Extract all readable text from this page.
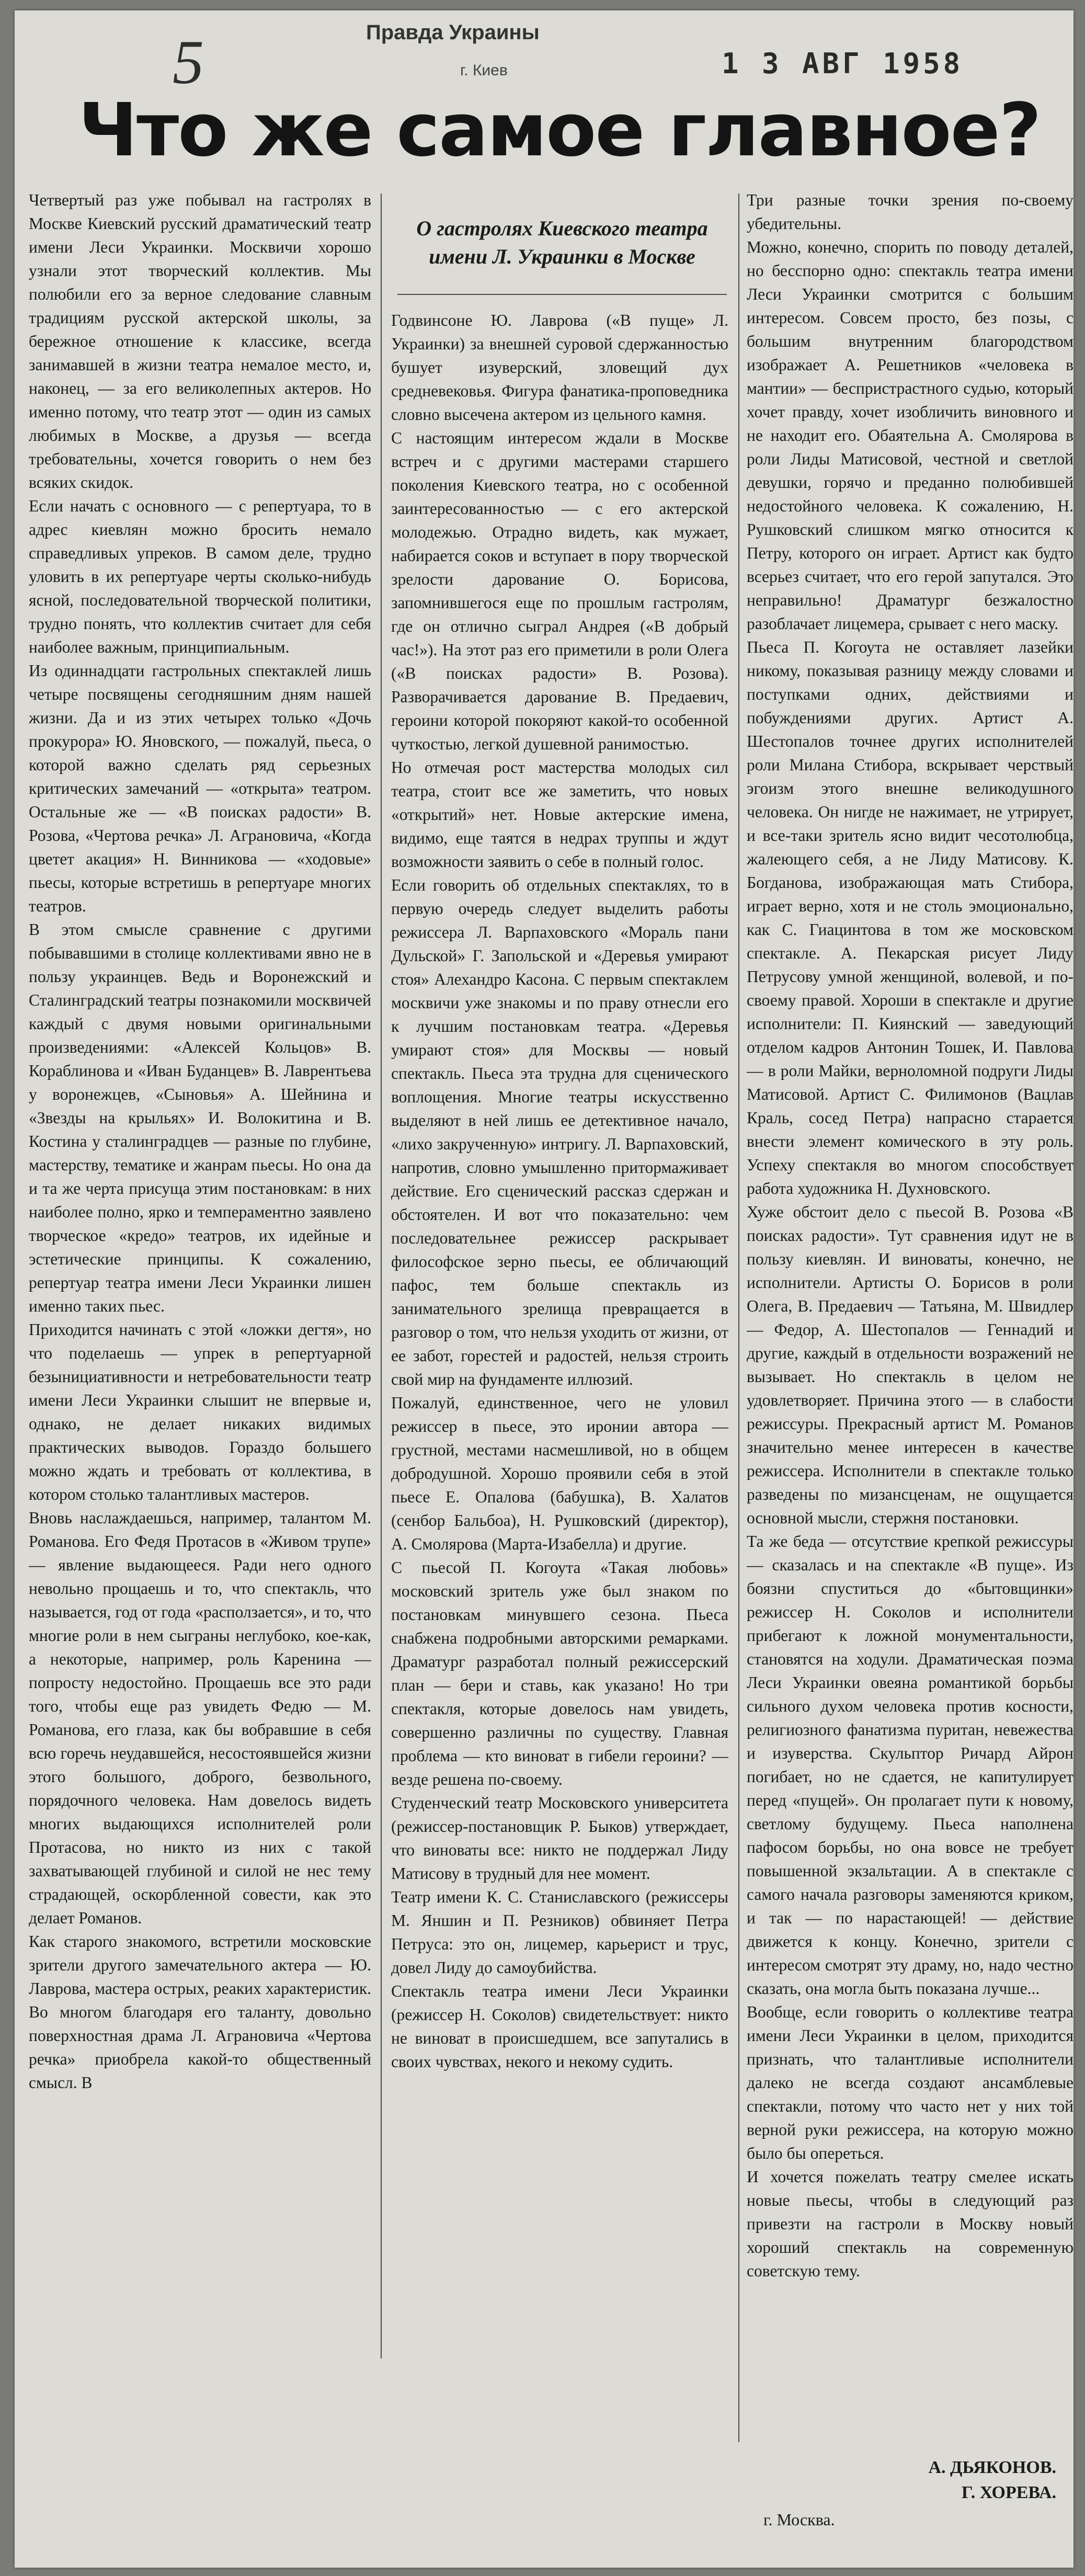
5	Правда Украины
г. Киев	1 3 АВГ 1958
Что же самое главное?
Четвертый раз уже побывал на гастролях в Москве Киевский русский драматический театр имени Леси Украинки. Москвичи хорошо узнали этот творческий коллектив. Мы полюбили его за верное следование славным традициям русской актерской школы, за бережное отношение к классике, всегда занимавшей в жизни театра немалое место, и, наконец, — за его великолепных актеров. Но именно потому, что театр этот — один из самых любимых в Москве, а друзья — всегда требовательны, хочется говорить о нем без всяких скидок.
Если начать с основного — с репертуара, то в адрес киевлян можно бросить немало справедливых упреков. В самом деле, трудно уловить в их репертуаре черты сколько-нибудь ясной, последовательной творческой политики, трудно понять, что коллектив считает для себя наиболее важным, принципиальным.
Из одиннадцати гастрольных спектаклей лишь четыре посвящены сегодняшним дням нашей жизни. Да и из этих четырех только «Дочь прокурора» Ю. Яновского, — пожалуй, пьеса, о которой важно сделать ряд серьезных критических замечаний — «открыта» театром. Остальные же — «В поисках радости» В. Розова, «Чертова речка» Л. Аграновича, «Когда цветет акация» Н. Винникова — «ходовые» пьесы, которые встретишь в репертуаре многих театров.
В этом смысле сравнение с другими побывавшими в столице коллективами явно не в пользу украинцев. Ведь и Воронежский и Сталинградский театры познакомили москвичей каждый с двумя новыми оригинальными произведениями: «Алексей Кольцов» В. Кораблинова и «Иван Буданцев» В. Лаврентьева у воронежцев, «Сыновья» А. Шейнина и «Звезды на крыльях» И. Волокитина и В. Костина у сталинградцев — разные по глубине, мастерству, тематике и жанрам пьесы. Но она да и та же черта присуща этим постановкам: в них наиболее полно, ярко и темпераментно заявлено творческое «кредо» театров, их идейные и эстетические принципы. К сожалению, репертуар театра имени Леси Украинки лишен именно таких пьес.
Приходится начинать с этой «ложки дегтя», но что поделаешь — упрек в репертуарной безынициативности и нетребовательности театр имени Леси Украинки слышит не впервые и, однако, не делает никаких видимых практических выводов. Гораздо большего можно ждать и требовать от коллектива, в котором столько талантливых мастеров.
Вновь наслаждаешься, например, талантом М. Романова. Его Федя Протасов в «Живом трупе» — явление выдающееся. Ради него одного невольно прощаешь и то, что спектакль, что называется, год от года «расползается», и то, что многие роли в нем сыграны неглубоко, кое-как, а некоторые, например, роль Каренина — попросту недостойно. Прощаешь все это ради того, чтобы еще раз увидеть Федю — М. Романова, его глаза, как бы вобравшие в себя всю горечь неудавшейся, несостоявшейся жизни этого большого, доброго, безвольного, порядочного человека. Нам довелось видеть многих выдающихся исполнителей роли Протасова, но никто из них с такой захватывающей глубиной и силой не нес тему страдающей, оскорбленной совести, как это делает Романов.
Как старого знакомого, встретили московские зрители другого замечательного актера — Ю. Лаврова, мастера острых, реаких характеристик. Во многом благодаря его таланту, довольно поверхностная драма Л. Аграновича «Чертова речка» приобрела какой-то общественный смысл. В
О гастролях Киевского театра имени Л. Украинки в Москве
Годвинсоне Ю. Лаврова («В пуще» Л. Украинки) за внешней суровой сдержанностью бушует изуверский, зловещий дух средневековья. Фигура фанатика-проповедника словно высечена актером из цельного камня.
С настоящим интересом ждали в Москве встреч и с другими мастерами старшего поколения Киевского театра, но с особенной заинтересованностью — с его актерской молодежью. Отрадно видеть, как мужает, набирается соков и вступает в пору творческой зрелости дарование О. Борисова, запомнившегося еще по прошлым гастролям, где он отлично сыграл Андрея («В добрый час!»). На этот раз его приметили в роли Олега («В поисках радости» В. Розова). Разворачивается дарование В. Предаевич, героини которой покоряют какой-то особенной чуткостью, легкой душевной ранимостью.
Но отмечая рост мастерства молодых сил театра, стоит все же заметить, что новых «открытий» нет. Новые актерские имена, видимо, еще таятся в недрах труппы и ждут возможности заявить о себе в полный голос.
Если говорить об отдельных спектаклях, то в первую очередь следует выделить работы режиссера Л. Варпаховского «Мораль пани Дульской» Г. Запольской и «Деревья умирают стоя» Алехандро Касона. С первым спектаклем москвичи уже знакомы и по праву отнесли его к лучшим постановкам театра. «Деревья умирают стоя» для Москвы — новый спектакль. Пьеса эта трудна для сценического воплощения. Многие театры искусственно выделяют в ней лишь ее детективное начало, «лихо закрученную» интригу. Л. Варпаховский, напротив, словно умышленно притормаживает действие. Его сценический рассказ сдержан и обстоятелен. И вот что показательно: чем последовательнее режиссер раскрывает философское зерно пьесы, ее обличающий пафос, тем больше спектакль из занимательного зрелища превращается в разговор о том, что нельзя уходить от жизни, от ее забот, горестей и радостей, нельзя строить свой мир на фундаменте иллюзий.
Пожалуй, единственное, чего не уловил режиссер в пьесе, это иронии автора — грустной, местами насмешливой, но в общем добродушной. Хорошо проявили себя в этой пьесе Е. Опалова (бабушка), В. Халатов (сенбор Бальбоа), Н. Рушковский (директор), А. Смолярова (Марта-Изабелла) и другие.
С пьесой П. Когоута «Такая любовь» московский зритель уже был знаком по постановкам минувшего сезона. Пьеса снабжена подробными авторскими ремарками. Драматург разработал полный режиссерский план — бери и ставь, как указано! Но три спектакля, которые довелось нам увидеть, совершенно различны по существу. Главная проблема — кто виноват в гибели героини? — везде решена по-своему.
Студенческий театр Московского университета (режиссер-постановщик Р. Быков) утверждает, что виноваты все: никто не поддержал Лиду Матисову в трудный для нее момент.
Театр имени К. С. Станиславского (режиссеры М. Яншин и П. Резников) обвиняет Петра Петруса: это он, лицемер, карьерист и трус, довел Лиду до самоубийства.
Спектакль театра имени Леси Украинки (режиссер Н. Соколов) свидетельствует: никто не виноват в происшедшем, все запутались в своих чувствах, некого и некому судить.
Три разные точки зрения по-своему убедительны.
Можно, конечно, спорить по поводу деталей, но бесспорно одно: спектакль театра имени Леси Украинки смотрится с большим интересом. Совсем просто, без позы, с большим внутренним благородством изображает А. Решетников «человека в мантии» — беспристрастного судью, который хочет правду, хочет изобличить виновного и не находит его. Обаятельна А. Смолярова в роли Лиды Матисовой, честной и светлой девушки, горячо и преданно полюбившей недостойного человека. К сожалению, Н. Рушковский слишком мягко относится к Петру, которого он играет. Артист как будто всерьез считает, что его герой запутался. Это неправильно! Драматург безжалостно разоблачает лицемера, срывает с него маску.
Пьеса П. Когоута не оставляет лазейки никому, показывая разницу между словами и поступками одних, действиями и побуждениями других. Артист А. Шестопалов точнее других исполнителей роли Милана Стибора, вскрывает черствый эгоизм этого внешне великодушного человека. Он нигде не нажимает, не утрирует, и все-таки зритель ясно видит чесотолюбца, жалеющего себя, а не Лиду Матисову. К. Богданова, изображающая мать Стибора, играет верно, хотя и не столь эмоционально, как С. Гиацинтова в том же московском спектакле. А. Пекарская рисует Лиду Петрусову умной женщиной, волевой, и по-своему правой. Хороши в спектакле и другие исполнители: П. Киянский — заведующий отделом кадров Антонин Тошек, И. Павлова — в роли Майки, верноломной подруги Лиды Матисовой. Артист С. Филимонов (Вацлав Краль, сосед Петра) напрасно старается внести элемент комического в эту роль. Успеху спектакля во многом способствует работа художника Н. Духновского.
Хуже обстоит дело с пьесой В. Розова «В поисках радости». Тут сравнения идут не в пользу киевлян. И виноваты, конечно, не исполнители. Артисты О. Борисов в роли Олега, В. Предаевич — Татьяна, М. Швидлер — Федор, А. Шестопалов — Геннадий и другие, каждый в отдельности возражений не вызывает. Но спектакль в целом не удовлетворяет. Причина этого — в слабости режиссуры. Прекрасный артист М. Романов значительно менее интересен в качестве режиссера. Исполнители в спектакле только разведены по мизансценам, не ощущается основной мысли, стержня постановки.
Та же беда — отсутствие крепкой режиссуры — сказалась и на спектакле «В пуще». Из боязни спуститься до «бытовщинки» режиссер Н. Соколов и исполнители прибегают к ложной монументальности, становятся на ходули. Драматическая поэма Леси Украинки овеяна романтикой борьбы сильного духом человека против косности, религиозного фанатизма пуритан, невежества и изуверства. Скульптор Ричард Айрон погибает, но не сдается, не капитулирует перед «пущей». Он пролагает пути к новому, светлому будущему. Пьеса наполнена пафосом борьбы, но она вовсе не требует повышенной экзальтации. А в спектакле с самого начала разговоры заменяются криком, и так — по нарастающей! — действие движется к концу. Конечно, зрители с интересом смотрят эту драму, но, надо честно сказать, она могла быть показана лучше...
Вообще, если говорить о коллективе театра имени Леси Украинки в целом, приходится признать, что талантливые исполнители далеко не всегда создают ансамблевые спектакли, потому что часто нет у них той верной руки режиссера, на которую можно было бы опереться.
И хочется пожелать театру смелее искать новые пьесы, чтобы в следующий раз привезти на гастроли в Москву новый хороший спектакль на современную советскую тему.
А. ДЬЯКОНОВ.
Г. ХОРЕВА.
г. Москва.
